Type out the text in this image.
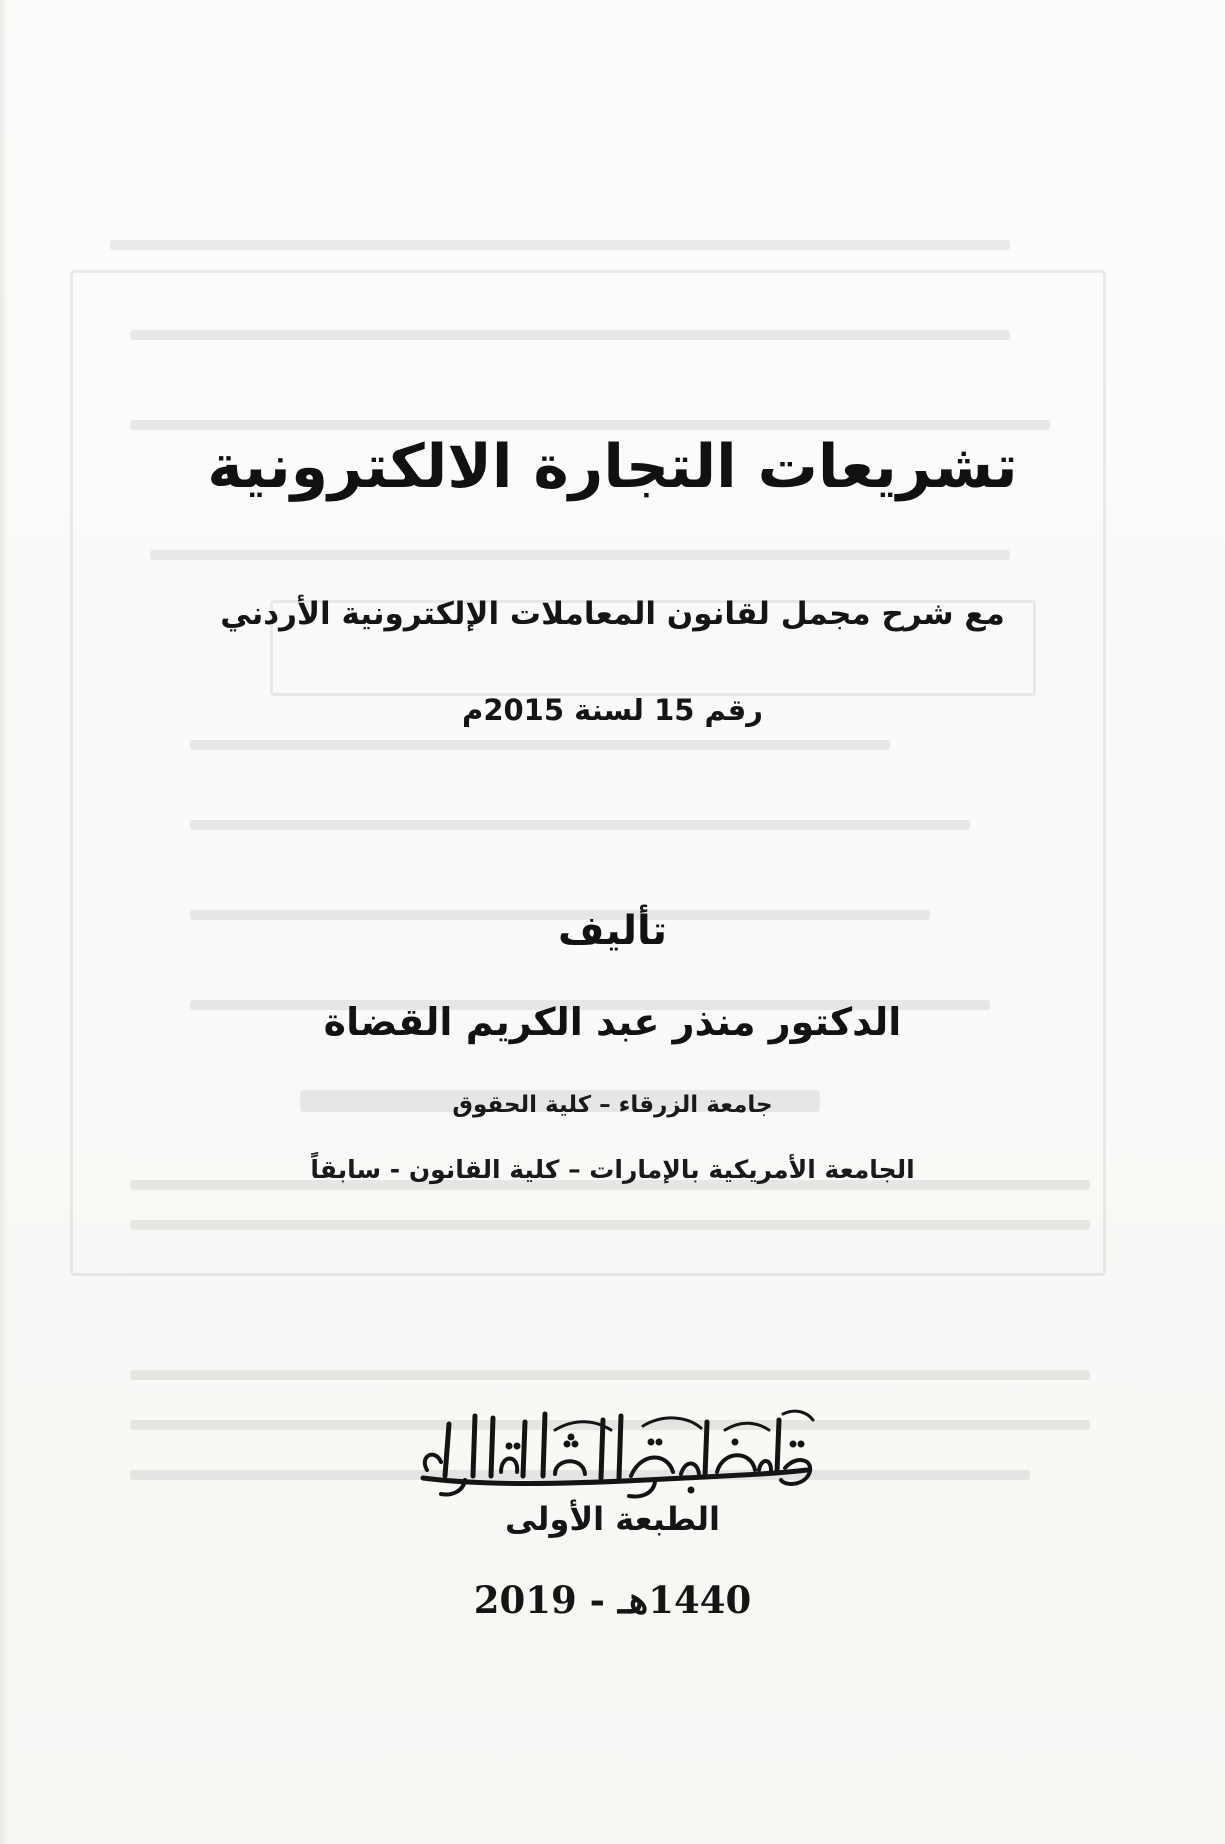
تشريعات التجارة الالكترونية
مع شرح مجمل لقانون المعاملات الإلكترونية الأردني
رقم 15 لسنة 2015م
تأليف
الدكتور منذر عبد الكريم القضاة
جامعة الزرقاء – كلية الحقوق
الجامعة الأمريكية بالإمارات – كلية القانون - سابقاً
الطبعة الأولى
1440هـ - 2019
